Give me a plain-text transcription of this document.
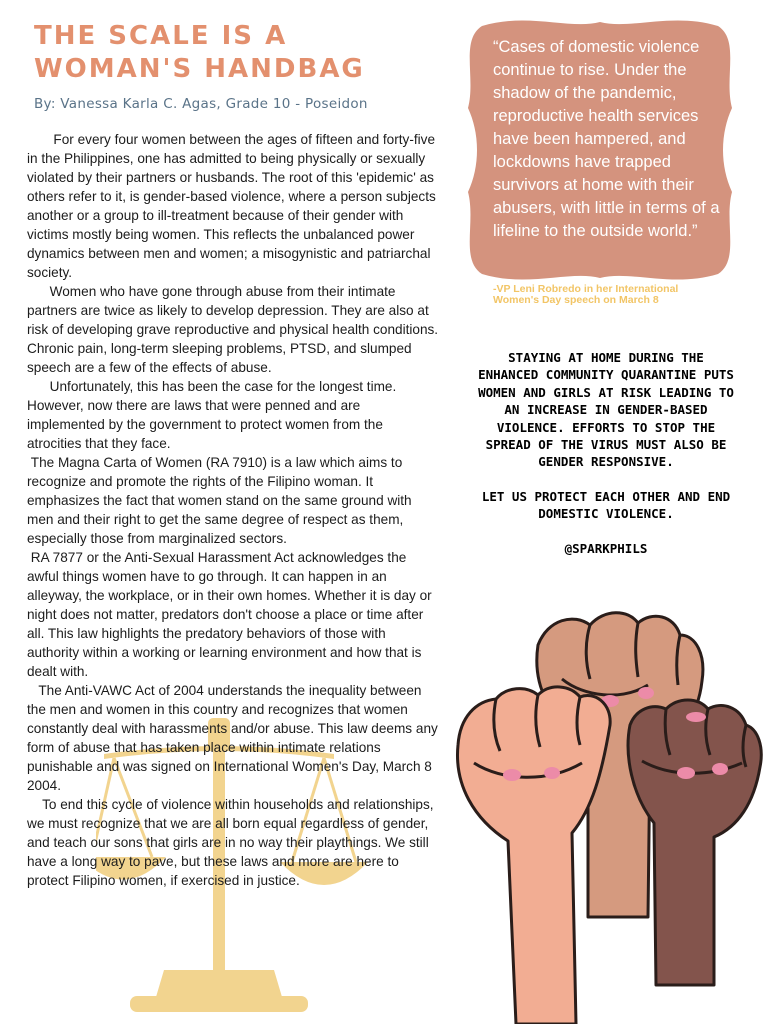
THE SCALE IS A
WOMAN'S HANDBAG
By: Vanessa Karla C. Agas, Grade 10 - Poseidon

For every four women between the ages of fifteen and forty-five in the Philippines, one has admitted to being physically or sexually violated by their partners or husbands. The root of this 'epidemic' as others refer to it, is gender-based violence, where a person subjects another or a group to ill-treatment because of their gender with victims mostly being women. This reflects the unbalanced power dynamics between men and women; a misogynistic and patriarchal society.

Women who have gone through abuse from their intimate partners are twice as likely to develop depression. They are also at risk of developing grave reproductive and physical health conditions. Chronic pain, long-term sleeping problems, PTSD, and slumped speech are a few of the effects of abuse.

Unfortunately, this has been the case for the longest time. However, now there are laws that were penned and are implemented by the government to protect women from the atrocities that they face.

The Magna Carta of Women (RA 7910) is a law which aims to recognize and promote the rights of the Filipino woman. It emphasizes the fact that women stand on the same ground with men and their right to get the same degree of respect as them, especially those from marginalized sectors.

RA 7877 or the Anti-Sexual Harassment Act acknowledges the awful things women have to go through. It can happen in an alleyway, the workplace, or in their own homes. Whether it is day or night does not matter, predators don't choose a place or time after all. This law highlights the predatory behaviors of those with authority within a working or learning environment and how that is dealt with.

The Anti-VAWC Act of 2004 understands the inequality between the men and women in this country and recognizes that women constantly deal with harassments and/or abuse. This law deems any form of abuse that has taken place within intimate relations punishable and was signed on International Women's Day, March 8 2004.

To end this cycle of violence within households and relationships, we must recognize that we are all born equal regardless of gender, and teach our sons that girls are in no way their playthings. We still have a long way to pave, but these laws and more are here to protect Filipino women, if exercised in justice.

“Cases of domestic violence continue to rise. Under the shadow of the pandemic, reproductive health services have been hampered, and lockdowns have trapped survivors at home with their abusers, with little in terms of a lifeline to the outside world.”
-VP Leni Robredo in her International Women's Day speech on March 8

STAYING AT HOME DURING THE ENHANCED COMMUNITY QUARANTINE PUTS WOMEN AND GIRLS AT RISK LEADING TO AN INCREASE IN GENDER-BASED VIOLENCE. EFFORTS TO STOP THE SPREAD OF THE VIRUS MUST ALSO BE GENDER RESPONSIVE.

LET US PROTECT EACH OTHER AND END DOMESTIC VIOLENCE.

@SPARKPHILS
